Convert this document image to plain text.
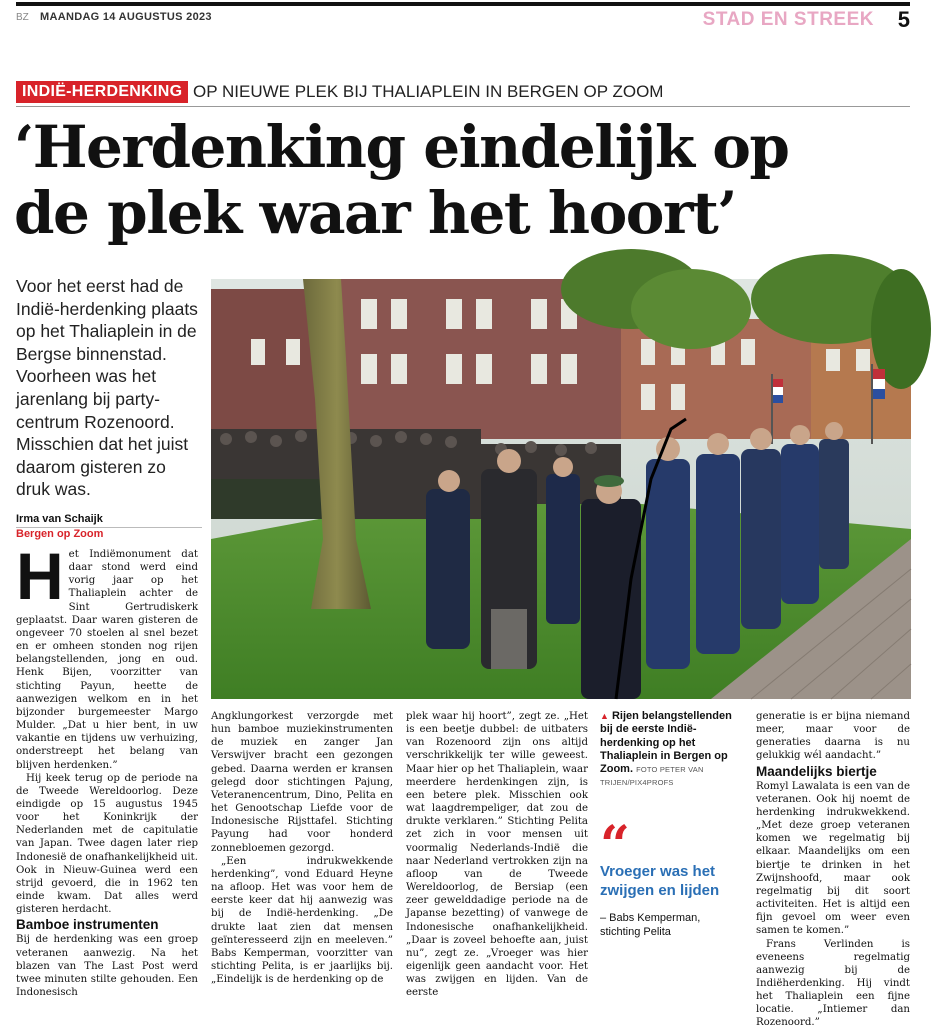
BZ MAANDAG 14 AUGUSTUS 2023	STAD EN STREEK 5
INDIË-HERDENKING OP NIEUWE PLEK BIJ THALIAPLEIN IN BERGEN OP ZOOM
‘Herdenking eindelijk op
de plek waar het hoort’
Voor het eerst had de Indië-herdenking plaats op het Thaliaplein in de Bergse binnenstad. Voorheen was het jarenlang bij partycentrum Rozenoord. Misschien dat het juist daarom gisteren zo druk was.
Irma van Schaijk
Bergen op Zoom
H et Indiëmonument dat daar stond werd eind vorig jaar op het Thaliaplein achter de Sint Gertrudiskerk geplaatst. Daar waren gisteren de ongeveer 70 stoelen al snel bezet en er omheen stonden nog rijen belangstellenden, jong en oud. Henk Bijen, voorzitter van stichting Payun, heette de aanwezigen welkom en in het bijzonder burgemeester Margo Mulder. „Dat u hier bent, in uw vakantie en tijdens uw verhuizing, onderstreept het belang van blijven herdenken.”

Hij keek terug op de periode na de Tweede Wereldoorlog. Deze eindigde op 15 augustus 1945 voor het Koninkrijk der Nederlanden met de capitulatie van Japan. Twee dagen later riep Indonesië de onafhankelijkheid uit. Ook in Nieuw-Guinea werd een strijd gevoerd, die in 1962 ten einde kwam. Dat alles werd gisteren herdacht.

Bamboe instrumenten

Bij de herdenking was een groep veteranen aanwezig. Na het blazen van The Last Post werd twee minuten stilte gehouden. Een Indonesisch

Angklungorkest verzorgde met hun bamboe muziekinstrumenten de muziek en zanger Jan Verswijver bracht een gezongen gebed. Daarna werden er kransen gelegd door stichtingen Pajung, Veteranencentrum, Dino, Pelita en het Genootschap Liefde voor de Indonesische Rijsttafel. Stichting Payung had voor honderd zonnebloemen gezorgd.

„Een indrukwekkende herdenking”, vond Eduard Heyne na afloop. Het was voor hem de eerste keer dat hij aanwezig was bij de Indië-herdenking. „De drukte laat zien dat mensen geïnteresseerd zijn en meeleven.” Babs Kemperman, voorzitter van stichting Pelita, is er jaarlijks bij. „Eindelijk is de herdenking op de

plek waar hij hoort”, zegt ze. „Het is een beetje dubbel: de uitbaters van Rozenoord zijn ons altijd verschrikkelijk ter wille geweest. Maar hier op het Thaliaplein, waar meerdere herdenkingen zijn, is een betere plek. Misschien ook wat laagdrempeliger, dat zou de drukte verklaren.” Stichting Pelita zet zich in voor mensen uit voormalig Nederlands-Indië die naar Nederland vertrokken zijn na afloop van de Tweede Wereldoorlog, de Bersiap (een zeer gewelddadige periode na de Japanse bezetting) of vanwege de Indonesische onafhankelijkheid. „Daar is zoveel behoefte aan, juist nu”, zegt ze. „Vroeger was hier eigenlijk geen aandacht voor. Het was zwijgen en lijden. Van de eerste

▲ Rijen belangstellenden bij de eerste Indië-herdenking op het Thaliaplein in Bergen op Zoom. FOTO PETER VAN TRIJEN/PIX4PROFS
“
Vroeger was het zwijgen en lijden
– Babs Kemperman, stichting Pelita

generatie is er bijna niemand meer, maar voor de generaties daarna is nu gelukkig wél aandacht.”

Maandelijks biertje

Romyl Lawalata is een van de veteranen. Ook hij noemt de herdenking indrukwekkend. „Met deze groep veteranen komen we regelmatig bij elkaar. Maandelijks om een biertje te drinken in het Zwijnshoofd, maar ook regelmatig bij dit soort activiteiten. Het is altijd een fijn gevoel om weer even samen te komen.”

Frans Verlinden is eveneens regelmatig aanwezig bij de Indiëherdenking. Hij vindt het Thaliaplein een fijne locatie. „Intiemer dan Rozenoord.”
